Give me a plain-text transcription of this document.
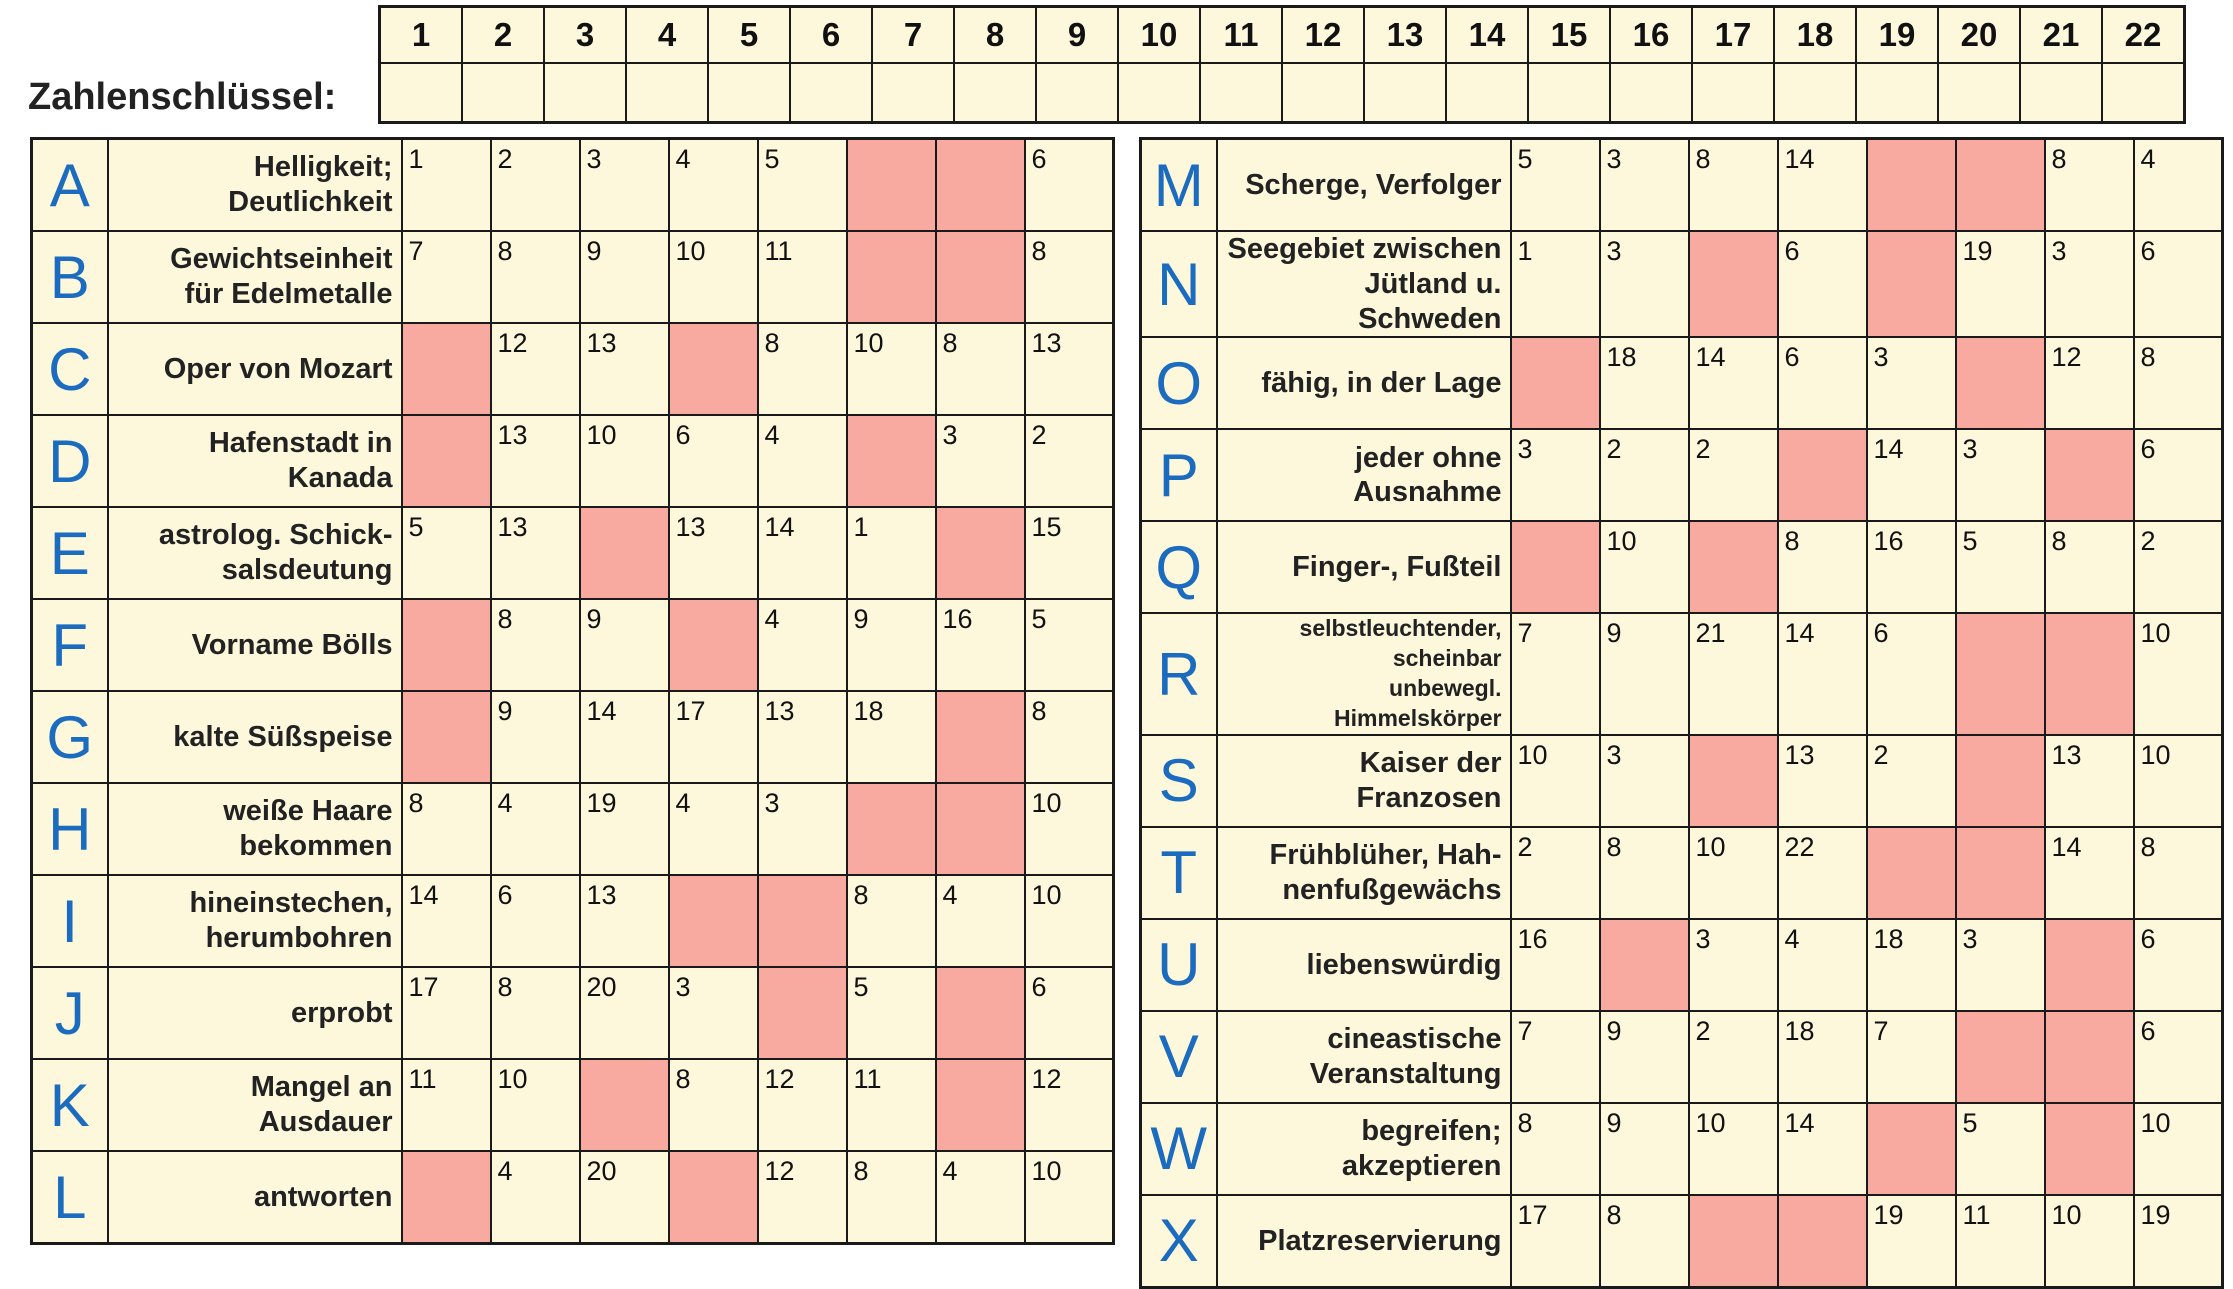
Zahlenschlüssel:
1	2	3	4	5	6	7	8	9	10	11	12	13	14	15	16	17	18	19	20	21	22

A	Helligkeit;
Deutlichkeit	1	2	3	4	5			6
B	Gewichtseinheit
für Edelmetalle	7	8	9	10	11			8
C	Oper von Mozart		12	13		8	10	8	13
D	Hafenstadt in
Kanada		13	10	6	4		3	2
E	astrolog. Schick-
salsdeutung	5	13		13	14	1		15
F	Vorname Bölls		8	9		4	9	16	5
G	kalte Süßspeise		9	14	17	13	18		8
H	weiße Haare
bekommen	8	4	19	4	3			10
I	hineinstechen,
herumbohren	14	6	13			8	4	10
J	erprobt	17	8	20	3		5		6
K	Mangel an
Ausdauer	11	10		8	12	11		12
L	antworten		4	20		12	8	4	10
M	Scherge, Verfolger	5	3	8	14			8	4
N	Seegebiet zwischen
Jütland u. Schweden	1	3		6		19	3	6
O	fähig, in der Lage		18	14	6	3		12	8
P	jeder ohne
Ausnahme	3	2	2		14	3		6
Q	Finger-, Fußteil		10		8	16	5	8	2
R	selbstleuchtender, scheinbar
unbewegl. Himmelskörper	7	9	21	14	6			10
S	Kaiser der
Franzosen	10	3		13	2		13	10
T	Frühblüher, Hah-
nenfußgewächs	2	8	10	22			14	8
U	liebenswürdig	16		3	4	18	3		6
V	cineastische
Veranstaltung	7	9	2	18	7			6
W	begreifen;
akzeptieren	8	9	10	14		5		10
X	Platzreservierung	17	8			19	11	10	19
